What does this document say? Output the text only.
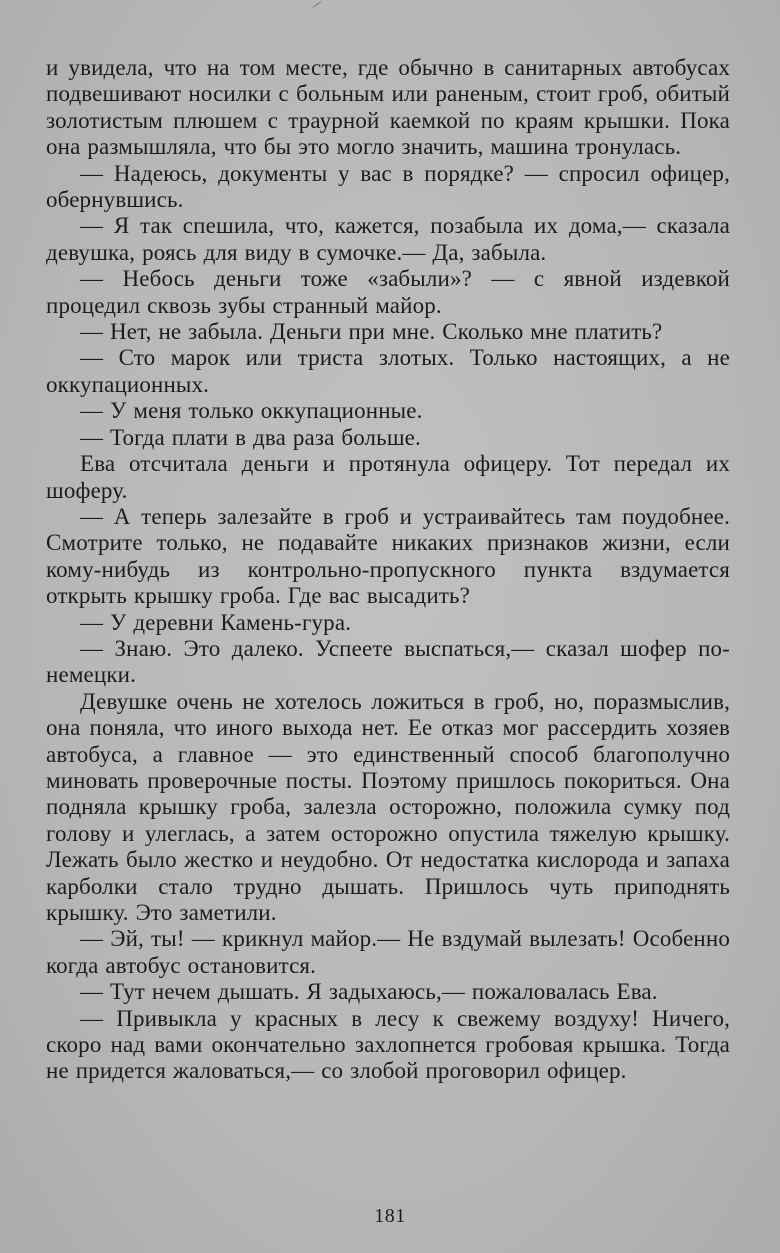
и увидела, что на том месте, где обычно в санитарных автобусах подвешивают носилки с больным или раненым, стоит гроб, обитый золотистым плюшем с траурной каемкой по краям крышки. Пока она размышляла, что бы это могло значить, машина тронулась.

— Надеюсь, документы у вас в порядке? — спросил офицер, обернувшись.

— Я так спешила, что, кажется, позабыла их дома,— сказала девушка, роясь для виду в сумочке.— Да, забыла.

— Небось деньги тоже «забыли»? — с явной издевкой процедил сквозь зубы странный майор.

— Нет, не забыла. Деньги при мне. Сколько мне платить?

— Сто марок или триста злотых. Только настоящих, а не оккупационных.

— У меня только оккупационные.

— Тогда плати в два раза больше.

Ева отсчитала деньги и протянула офицеру. Тот передал их шоферу.

— А теперь залезайте в гроб и устраивайтесь там поудобнее. Смотрите только, не подавайте никаких признаков жизни, если кому-нибудь из контрольно-пропускного пункта вздумается открыть крышку гроба. Где вас высадить?

— У деревни Камень-гура.

— Знаю. Это далеко. Успеете выспаться,— сказал шофер по-немецки.

Девушке очень не хотелось ложиться в гроб, но, поразмыслив, она поняла, что иного выхода нет. Ее отказ мог рассердить хозяев автобуса, а главное — это единственный способ благополучно миновать проверочные посты. Поэтому пришлось покориться. Она подняла крышку гроба, залезла осторожно, положила сумку под голову и улеглась, а затем осторожно опустила тяжелую крышку. Лежать было жестко и неудобно. От недостатка кислорода и запаха карболки стало трудно дышать. Пришлось чуть приподнять крышку. Это заметили.

— Эй, ты! — крикнул майор.— Не вздумай вылезать! Особенно когда автобус остановится.

— Тут нечем дышать. Я задыхаюсь,— пожаловалась Ева.

— Привыкла у красных в лесу к свежему воздуху! Ничего, скоро над вами окончательно захлопнется гробовая крышка. Тогда не придется жаловаться,— со злобой проговорил офицер.

181
